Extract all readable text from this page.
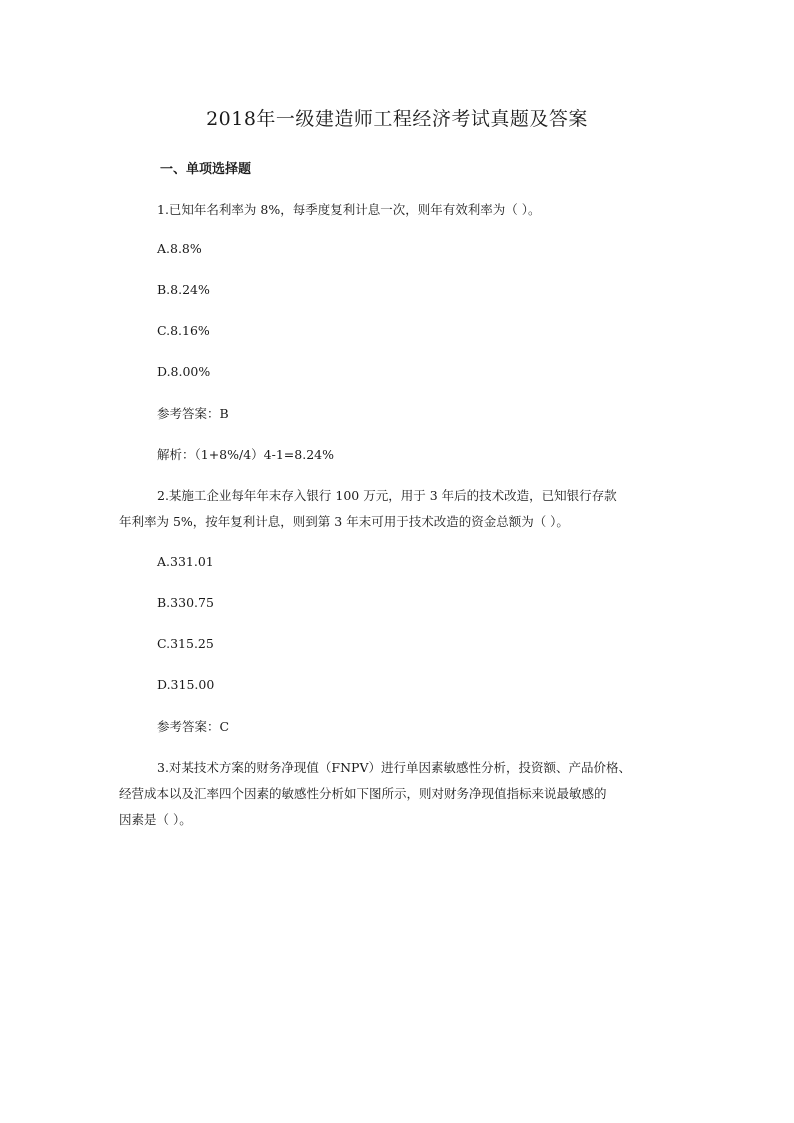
2018年一级建造师工程经济考试真题及答案
一、单项选择题
1.已知年名利率为 8%，每季度复利计息一次，则年有效利率为（ ）。
A.8.8%
B.8.24%
C.8.16%
D.8.00%
参考答案：B
解析：（1+8%/4）4-1=8.24%
2.某施工企业每年年末存入银行 100 万元，用于 3 年后的技术改造，已知银行存款
年利率为 5%，按年复利计息，则到第 3 年末可用于技术改造的资金总额为（ ）。
A.331.01
B.330.75
C.315.25
D.315.00
参考答案：C
3.对某技术方案的财务净现值（FNPV）进行单因素敏感性分析，投资额、产品价格、
经营成本以及汇率四个因素的敏感性分析如下图所示，则对财务净现值指标来说最敏感的
因素是（ ）。
